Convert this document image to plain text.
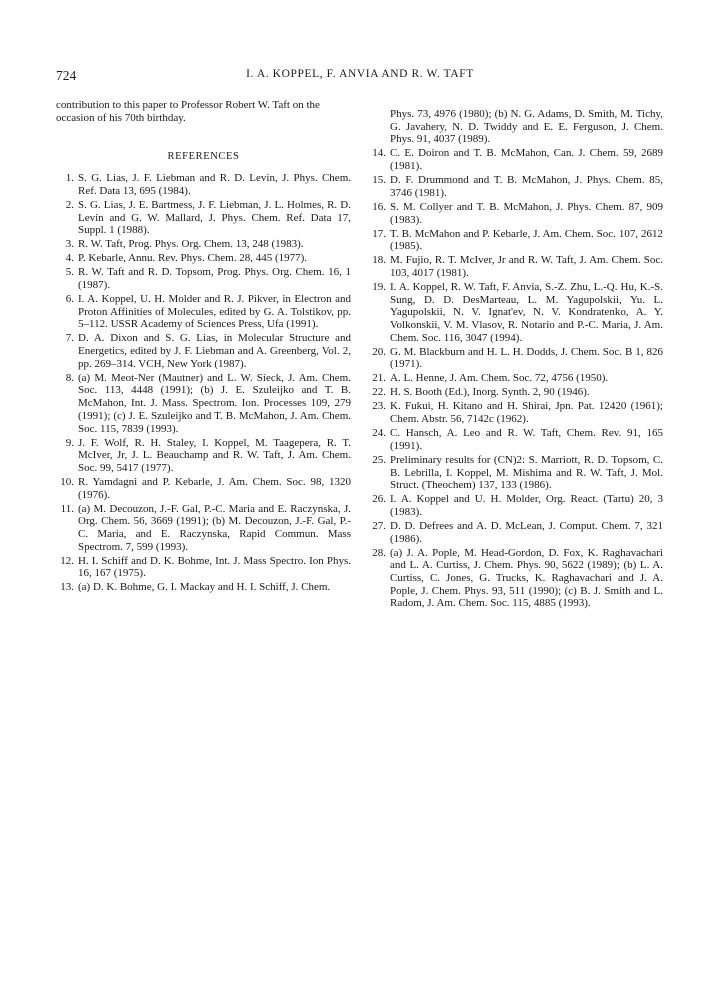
724	I. A. KOPPEL, F. ANVIA AND R. W. TAFT

contribution to this paper to Professor Robert W. Taft on the occasion of his 70th birthday.

REFERENCES
1. S. G. Lias, J. F. Liebman and R. D. Levin, J. Phys. Chem. Ref. Data 13, 695 (1984).
2. S. G. Lias, J. E. Bartmess, J. F. Liebman, J. L. Holmes, R. D. Levin and G. W. Mallard, J. Phys. Chem. Ref. Data 17, Suppl. 1 (1988).
3. R. W. Taft, Prog. Phys. Org. Chem. 13, 248 (1983).
4. P. Kebarle, Annu. Rev. Phys. Chem. 28, 445 (1977).
5. R. W. Taft and R. D. Topsom, Prog. Phys. Org. Chem. 16, 1 (1987).
6. I. A. Koppel, U. H. Molder and R. J. Pikver, in Electron and Proton Affinities of Molecules, edited by G. A. Tolstikov, pp. 5–112. USSR Academy of Sciences Press, Ufa (1991).
7. D. A. Dixon and S. G. Lias, in Molecular Structure and Energetics, edited by J. F. Liebman and A. Greenberg, Vol. 2, pp. 269–314. VCH, New York (1987).
8. (a) M. Meot-Ner (Mautner) and L. W. Sieck, J. Am. Chem. Soc. 113, 4448 (1991); (b) J. E. Szuleijko and T. B. McMahon, Int. J. Mass. Spectrom. Ion. Processes 109, 279 (1991); (c) J. E. Szuleijko and T. B. McMahon, J. Am. Chem. Soc. 115, 7839 (1993).
9. J. F. Wolf, R. H. Staley, I. Koppel, M. Taagepera, R. T. McIver, Jr, J. L. Beauchamp and R. W. Taft, J. Am. Chem. Soc. 99, 5417 (1977).
10. R. Yamdagni and P. Kebarle, J. Am. Chem. Soc. 98, 1320 (1976).
11. (a) M. Decouzon, J.-F. Gal, P.-C. Maria and E. Raczynska, J. Org. Chem. 56, 3669 (1991); (b) M. Decouzon, J.-F. Gal, P.-C. Maria, and E. Raczynska, Rapid Commun. Mass Spectrom. 7, 599 (1993).
12. H. I. Schiff and D. K. Bohme, Int. J. Mass Spectro. Ion Phys. 16, 167 (1975).
13. (a) D. K. Bohme, G. I. Mackay and H. I. Schiff, J. Chem.
Phys. 73, 4976 (1980); (b) N. G. Adams, D. Smith, M. Tichy, G. Javahery, N. D. Twiddy and E. E. Ferguson, J. Chem. Phys. 91, 4037 (1989).
14. C. E. Doiron and T. B. McMahon, Can. J. Chem. 59, 2689 (1981).
15. D. F. Drummond and T. B. McMahon, J. Phys. Chem. 85, 3746 (1981).
16. S. M. Collyer and T. B. McMahon, J. Phys. Chem. 87, 909 (1983).
17. T. B. McMahon and P. Kebarle, J. Am. Chem. Soc. 107, 2612 (1985).
18. M. Fujio, R. T. McIver, Jr and R. W. Taft, J. Am. Chem. Soc. 103, 4017 (1981).
19. I. A. Koppel, R. W. Taft, F. Anvia, S.-Z. Zhu, L.-Q. Hu, K.-S. Sung, D. D. DesMarteau, L. M. Yagupolskii, Yu. L. Yagupolskii, N. V. Ignat'ev, N. V. Kondratenko, A. Y. Volkonskii, V. M. Vlasov, R. Notario and P.-C. Maria, J. Am. Chem. Soc. 116, 3047 (1994).
20. G. M. Blackburn and H. L. H. Dodds, J. Chem. Soc. B 1, 826 (1971).
21. A. L. Henne, J. Am. Chem. Soc. 72, 4756 (1950).
22. H. S. Booth (Ed.), Inorg. Synth. 2, 90 (1946).
23. K. Fukui, H. Kitano and H. Shirai, Jpn. Pat. 12420 (1961); Chem. Abstr. 56, 7142c (1962).
24. C. Hansch, A. Leo and R. W. Taft, Chem. Rev. 91, 165 (1991).
25. Preliminary results for (CN)2: S. Marriott, R. D. Topsom, C. B. Lebrilla, I. Koppel, M. Mishima and R. W. Taft, J. Mol. Struct. (Theochem) 137, 133 (1986).
26. I. A. Koppel and U. H. Molder, Org. React. (Tartu) 20, 3 (1983).
27. D. D. Defrees and A. D. McLean, J. Comput. Chem. 7, 321 (1986).
28. (a) J. A. Pople, M. Head-Gordon, D. Fox, K. Raghavachari and L. A. Curtiss, J. Chem. Phys. 90, 5622 (1989); (b) L. A. Curtiss, C. Jones, G. Trucks, K. Raghavachari and J. A. Pople, J. Chem. Phys. 93, 511 (1990); (c) B. J. Smith and L. Radom, J. Am. Chem. Soc. 115, 4885 (1993).
